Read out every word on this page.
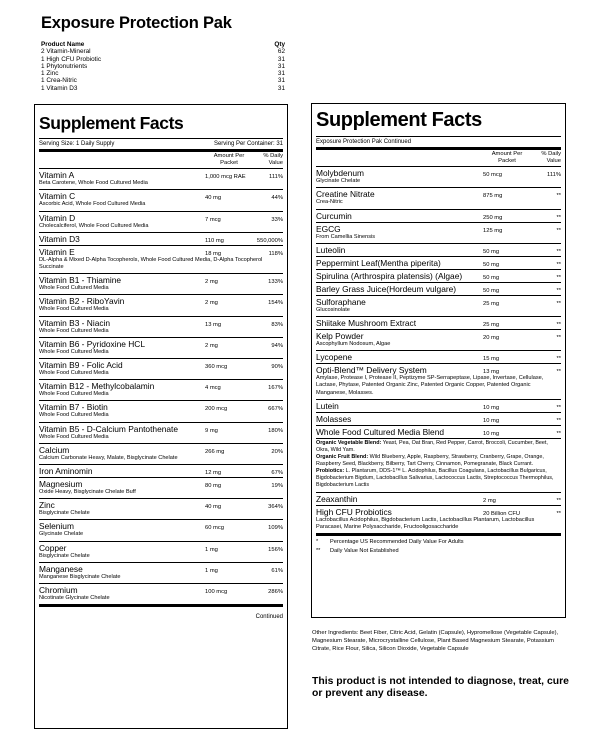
Exposure Protection Pak
Product Name	Qty
2 Vitamin-Mineral	62
1 High CFU Probiotic	31
1 Phytonutrients	31
1 Zinc	31
1 Crea-Nitric	31
1 Vitamin D3	31
Supplement Facts
Serving Size: 1 Daily Supply	Serving Per Container: 31
Amount Per Packet
% Daily Value
Vitamin A	1,000 mcg RAE	111%
Beta Carotene, Whole Food Cultured Media
Vitamin C	40 mg	44%
Ascorbic Acid, Whole Food Cultured Media
Vitamin D	7 mcg	33%
Cholecalciferol, Whole Food Cultured Media
Vitamin D3	110 mg	550,000%
Vitamin E	18 mg	118%
DL-Alpha & Mixed D-Alpha Tocopherols, Whole Food Cultured Media, D-Alpha Tocopherol Succinate
Vitamin B1 - Thiamine	2 mg	133%
Whole Food Cultured Media
Vitamin B2 - RiboYavin	2 mg	154%
Whole Food Cultured Media
Vitamin B3 - Niacin	13 mg	83%
Whole Food Cultured Media
Vitamin B6 - Pyridoxine HCL	2 mg	94%
Whole Food Cultured Media
Vitamin B9 - Folic Acid	360 mcg	90%
Whole Food Cultured Media
Vitamin B12 - Methylcobalamin	4 mcg	167%
Whole Food Cultured Media
Vitamin B7 - Biotin	200 mcg	667%
Whole Food Cultured Media
Vitamin B5 - D-Calcium Pantothenate	9 mg	180%
Whole Food Cultured Media
Calcium	266 mg	20%
Calcium Carbonate Heavy, Malate, Bisglycinate Chelate
Iron Aminomin	12 mg	67%
Magnesium	80 mg	19%
Oxide Heavy, Bisglycinate Chelate Buff
Zinc	40 mg	364%
Bisglycinate Chelate
Selenium	60 mcg	109%
Glycinate Chelate
Copper	1 mg	156%
Bisglycinate Chelate
Manganese	1 mg	61%
Manganese Bisglycinate Chelate
Chromium	100 mcg	286%
Nicotinate Glycinate Chelate
Continued
Supplement Facts
Exposure Protection Pak Continued
Amount Per Packet
% Daily Value
Molybdenum	50 mcg	111%
Glycinate Chelate
Creatine Nitrate	875 mg	**
Crea-Nitric
Curcumin	250 mg	**
EGCG	125 mg	**
From Camellia Sinensis
Luteolin	50 mg	**
Peppermint Leaf(Mentha piperita)	50 mg	**
Spirulina (Arthrospira platensis) (Algae)	50 mg	**
Barley Grass Juice(Hordeum vulgare)	50 mg	**
Sulforaphane	25 mg	**
Glucosinolate
Shiitake Mushroom Extract	25 mg	**
Kelp Powder	20 mg	**
Ascophyllum Nodosum, Algae
Lycopene	15 mg	**
Opti-Blend™ Delivery System	13 mg	**
Amylase, Protease I, Protease II, Peptizyme SP-Serrapeptase, Lipase, Invertase, Cellulase, Lactase, Phytase, Patented Organic Zinc, Patented Organic Copper, Patented Organic Manganese, Molasses.
Lutein	10 mg	**
Molasses	10 mg	**
Whole Food Cultured Media Blend	10 mg	**
Organic Vegetable Blend: Yeast, Pea, Oat Bran, Red Pepper, Carrot, Broccoli, Cucumber, Beet, Okra, Wild Yam.
Organic Fruit Blend: Wild Blueberry, Apple, Raspberry, Strawberry, Cranberry, Grape, Orange, Raspberry Seed, Blackberry, Bilberry, Tart Cherry, Cinnamon, Pomegranate, Black Currant.
Probiotics: L. Plantarum, DDS-1™ L. Acidophilus, Bacillus Coagulans, Lactobacillus Bulgaricus, Bigdobacterium Bigdum, Lactobacillus Salivarius, Lactococcus Lactis, Streptococcus Thermophilus, Bigdobacterium Lactis
Zeaxanthin	2 mg	**
High CFU Probiotics	20 Billion CFU	**
Lactobacillus Acidophilus, Bigdobacterium Lactis, Lactobacillus Plantarum, Lactobacillus Paracasei, Marine Polysaccharide, Fructooligosaccharide
*	Percentage US Recommended Daily Value For Adults
**	Daily Value Not Established
Other Ingredients: Beet Fiber, Citric Acid, Gelatin (Capsule), Hypromellose (Vegetable Capsule), Magnesium Stearate, Microcrystalline Cellulose, Plant Based Magnesium Stearate, Potassium Citrate, Rice Flour, Silica, Silicon Dioxide, Vegetable Capsule
This product is not intended to diagnose, treat, cure or prevent any disease.
